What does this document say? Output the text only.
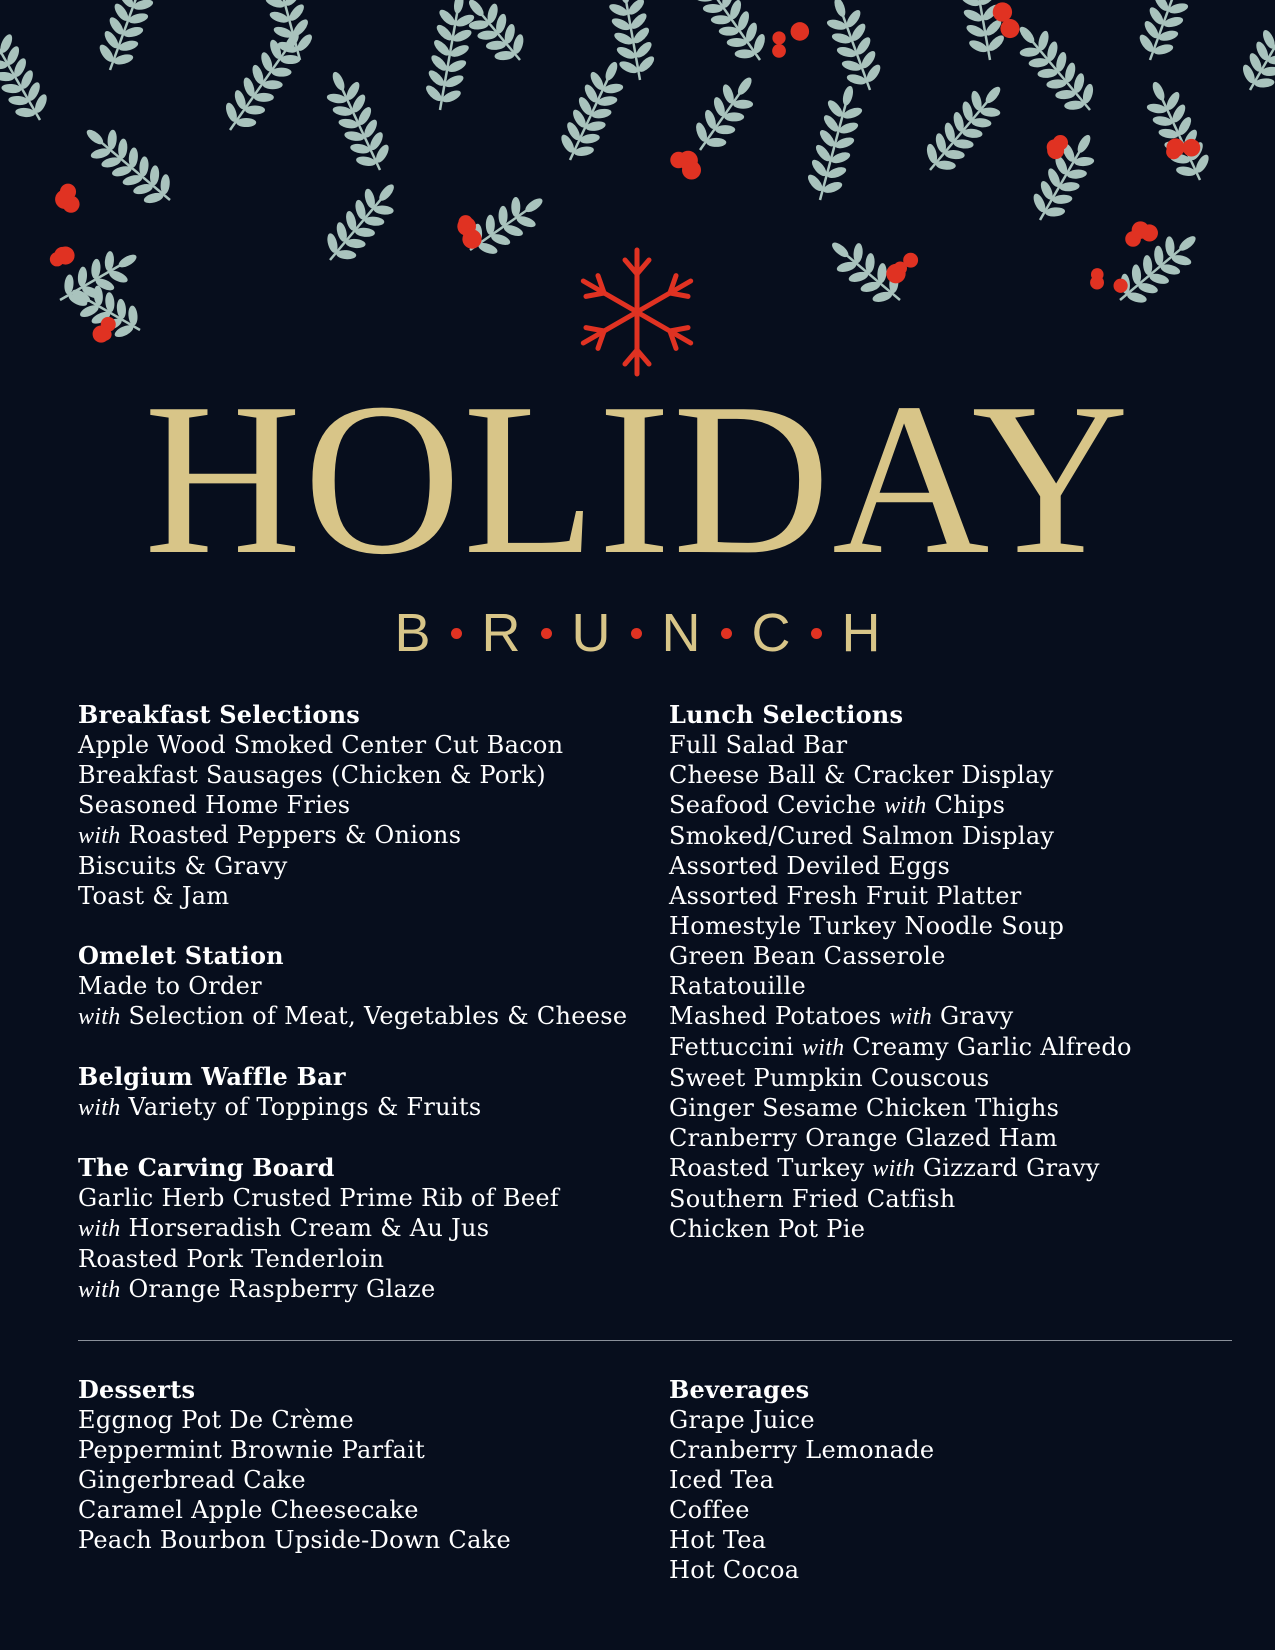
HOLIDAY
B R U N C H
Breakfast Selections
Apple Wood Smoked Center Cut Bacon
Breakfast Sausages (Chicken & Pork)
Seasoned Home Fries
with Roasted Peppers & Onions
Biscuits & Gravy
Toast & Jam
Omelet Station
Made to Order
with Selection of Meat, Vegetables & Cheese
Belgium Waffle Bar
with Variety of Toppings & Fruits
The Carving Board
Garlic Herb Crusted Prime Rib of Beef
with Horseradish Cream & Au Jus
Roasted Pork Tenderloin
with Orange Raspberry Glaze
Lunch Selections
Full Salad Bar
Cheese Ball & Cracker Display
Seafood Ceviche with Chips
Smoked/Cured Salmon Display
Assorted Deviled Eggs
Assorted Fresh Fruit Platter
Homestyle Turkey Noodle Soup
Green Bean Casserole
Ratatouille
Mashed Potatoes with Gravy
Fettuccini with Creamy Garlic Alfredo
Sweet Pumpkin Couscous
Ginger Sesame Chicken Thighs
Cranberry Orange Glazed Ham
Roasted Turkey with Gizzard Gravy
Southern Fried Catfish
Chicken Pot Pie
Desserts
Eggnog Pot De Crème
Peppermint Brownie Parfait
Gingerbread Cake
Caramel Apple Cheesecake
Peach Bourbon Upside-Down Cake
Beverages
Grape Juice
Cranberry Lemonade
Iced Tea
Coffee
Hot Tea
Hot Cocoa
